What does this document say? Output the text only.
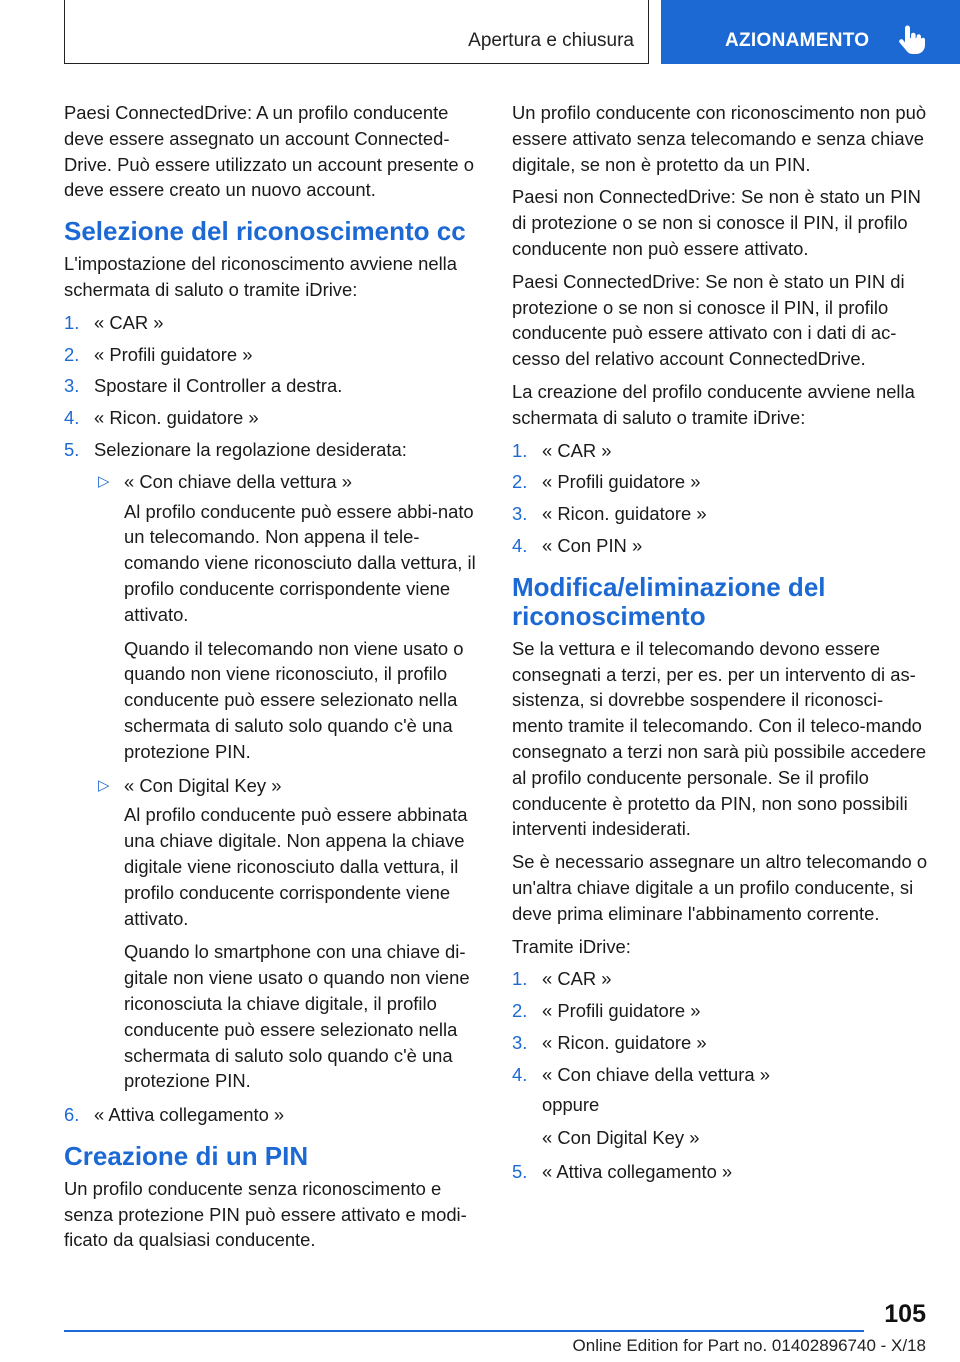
Apertura e chiusura	AZIONAMENTO

Paesi ConnectedDrive: A un profilo conducente deve essere assegnato un account Connected-Drive. Può essere utilizzato un account presente o deve essere creato un nuovo account.

Selezione del riconoscimento cc

L'impostazione del riconoscimento avviene nella schermata di saluto o tramite iDrive:

1. « CAR »
2. « Profili guidatore »
3. Spostare il Controller a destra.
4. « Ricon. guidatore »
5. Selezionare la regolazione desiderata:
▷ « Con chiave della vettura »

Al profilo conducente può essere abbi-nato un telecomando. Non appena il tele-comando viene riconosciuto dalla vettura, il profilo conducente corrispondente viene attivato.

Quando il telecomando non viene usato o quando non viene riconosciuto, il profilo conducente può essere selezionato nella schermata di saluto solo quando c'è una protezione PIN.

▷ « Con Digital Key »

Al profilo conducente può essere abbinata una chiave digitale. Non appena la chiave digitale viene riconosciuto dalla vettura, il profilo conducente corrispondente viene attivato.

Quando lo smartphone con una chiave di-gitale non viene usato o quando non viene riconosciuta la chiave digitale, il profilo conducente può essere selezionato nella schermata di saluto solo quando c'è una protezione PIN.

6. « Attiva collegamento »
Creazione di un PIN

Un profilo conducente senza riconoscimento e senza protezione PIN può essere attivato e modi-ficato da qualsiasi conducente.

Un profilo conducente con riconoscimento non può essere attivato senza telecomando e senza chiave digitale, se non è protetto da un PIN.

Paesi non ConnectedDrive: Se non è stato un PIN di protezione o se non si conosce il PIN, il profilo conducente non può essere attivato.

Paesi ConnectedDrive: Se non è stato un PIN di protezione o se non si conosce il PIN, il profilo conducente può essere attivato con i dati di ac-cesso del relativo account ConnectedDrive.

La creazione del profilo conducente avviene nella schermata di saluto o tramite iDrive:

1. « CAR »
2. « Profili guidatore »
3. « Ricon. guidatore »
4. « Con PIN »
Modifica/eliminazione del riconoscimento

Se la vettura e il telecomando devono essere consegnati a terzi, per es. per un intervento di as-sistenza, si dovrebbe sospendere il riconosci-mento tramite il telecomando. Con il teleco-mando consegnato a terzi non sarà più possibile accedere al profilo conducente personale. Se il profilo conducente è protetto da PIN, non sono possibili interventi indesiderati.

Se è necessario assegnare un altro telecomando o un'altra chiave digitale a un profilo conducente, si deve prima eliminare l'abbinamento corrente.

Tramite iDrive:

1. « CAR »
2. « Profili guidatore »
3. « Ricon. guidatore »
4. « Con chiave della vettura »
oppure
« Con Digital Key »
5. « Attiva collegamento »
105
Online Edition for Part no. 01402896740 - X/18
